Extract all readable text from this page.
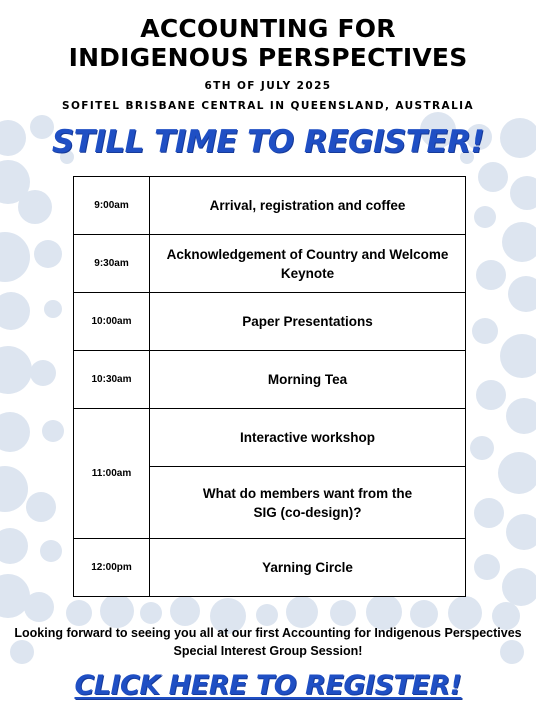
ACCOUNTING FOR
INDIGENOUS PERSPECTIVES
6TH OF JULY 2025
SOFITEL BRISBANE CENTRAL IN QUEENSLAND, AUSTRALIA
STILL TIME TO REGISTER!
9:00am	Arrival, registration and coffee
9:30am	Acknowledgement of Country and Welcome Keynote
10:00am	Paper Presentations
10:30am	Morning Tea
11:00am	Interactive workshop
	What do members want from the SIG (co-design)?
12:00pm	Yarning Circle
Looking forward to seeing you all at our first Accounting for Indigenous Perspectives Special Interest Group Session!
CLICK HERE TO REGISTER!
